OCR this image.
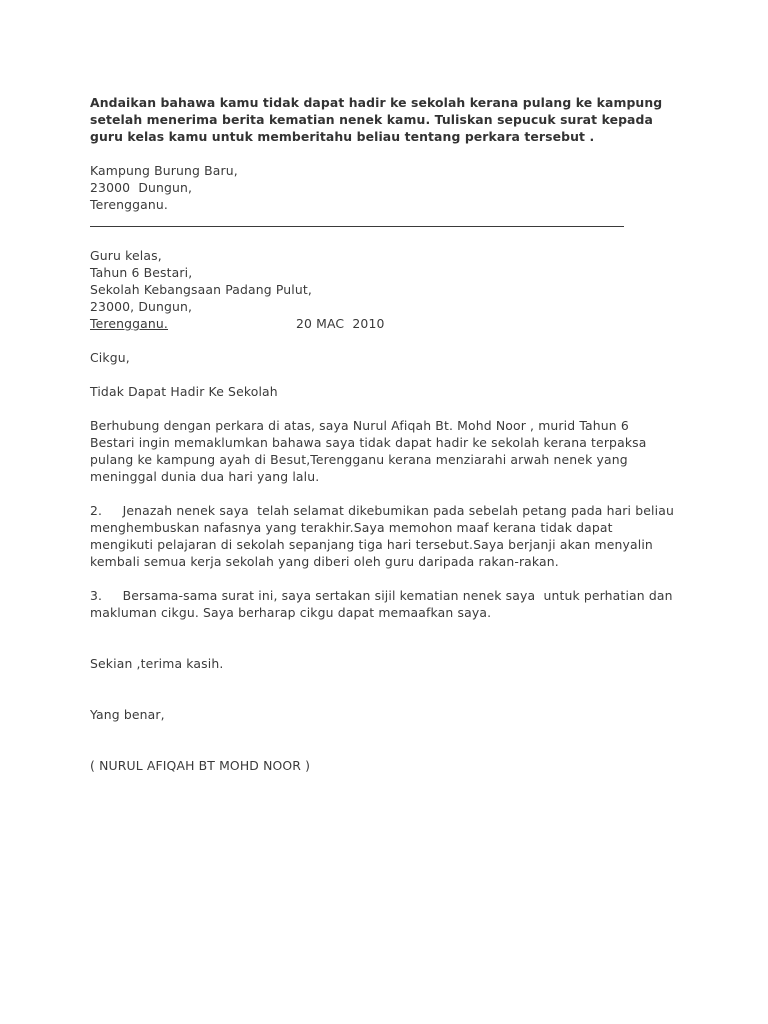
Andaikan bahawa kamu tidak dapat hadir ke sekolah kerana pulang ke kampung
setelah menerima berita kematian nenek kamu. Tuliskan sepucuk surat kepada
guru kelas kamu untuk memberitahu beliau tentang perkara tersebut .
Kampung Burung Baru,
23000  Dungun,
Terengganu.
Guru kelas,
Tahun 6 Bestari,
Sekolah Kebangsaan Padang Pulut,
23000, Dungun,
Terengganu.	20 MAC  2010
Cikgu,
Tidak Dapat Hadir Ke Sekolah
Berhubung dengan perkara di atas, saya Nurul Afiqah Bt. Mohd Noor , murid Tahun 6
Bestari ingin memaklumkan bahawa saya tidak dapat hadir ke sekolah kerana terpaksa
pulang ke kampung ayah di Besut,Terengganu kerana menziarahi arwah nenek yang
meninggal dunia dua hari yang lalu.
2.     Jenazah nenek saya  telah selamat dikebumikan pada sebelah petang pada hari beliau
menghembuskan nafasnya yang terakhir.Saya memohon maaf kerana tidak dapat
mengikuti pelajaran di sekolah sepanjang tiga hari tersebut.Saya berjanji akan menyalin
kembali semua kerja sekolah yang diberi oleh guru daripada rakan-rakan.
3.     Bersama-sama surat ini, saya sertakan sijil kematian nenek saya  untuk perhatian dan
makluman cikgu. Saya berharap cikgu dapat memaafkan saya.
Sekian ,terima kasih.
Yang benar,
( NURUL AFIQAH BT MOHD NOOR )
